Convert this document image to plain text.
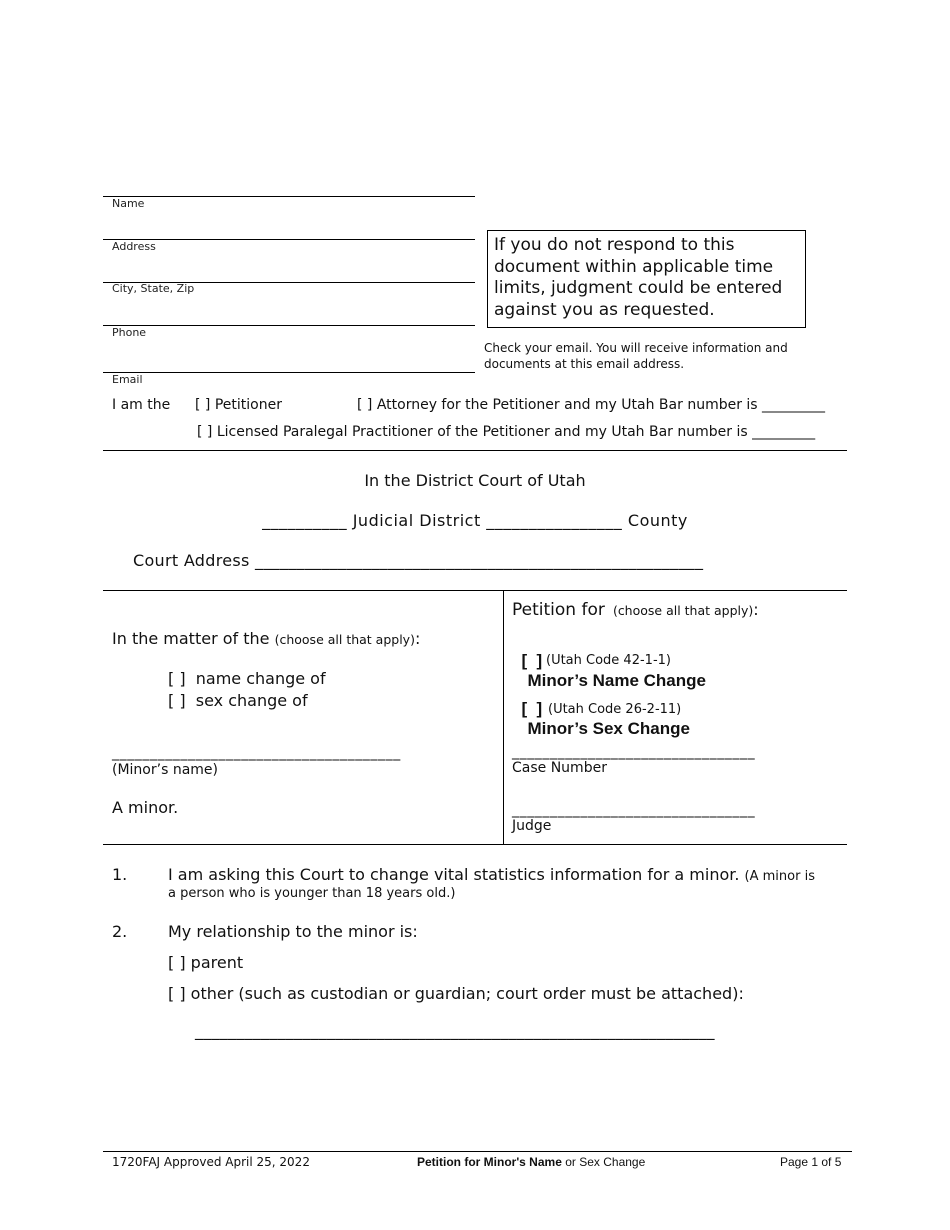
Name
Address
City, State, Zip
Phone
Email
If you do not respond to this document within applicable time limits, judgment could be entered against you as requested.
Check your email. You will receive information and documents at this email address.
I am the [ ] Petitioner	[ ] Attorney for the Petitioner and my Utah Bar number is _________
[ ] Licensed Paralegal Practitioner of the Petitioner and my Utah Bar number is _________
In the District Court of Utah
__________ Judicial District ________________ County
Court Address ______________________________________________________
In the matter of the (choose all that apply):
[ ]  name change of
[ ]  sex change of
______________________________________
(Minor’s name)
A minor.
Petition for (choose all that apply):

[  ]
Minor’s Name Change

(Utah Code 42-1-1)

[  ]
Minor’s Sex Change

(Utah Code 26-2-11)
________________________________
Case Number
________________________________
Judge
1.	I am asking this Court to change vital statistics information for a minor. (A minor is
a person who is younger than 18 years old.)
2.	My relationship to the minor is:
[ ] parent
[ ] other (such as custodian or guardian; court order must be attached):
_______________________________________________________________
1720FAJ Approved April 25, 2022	Petition for Minor's Name or Sex Change	Page 1 of 5
